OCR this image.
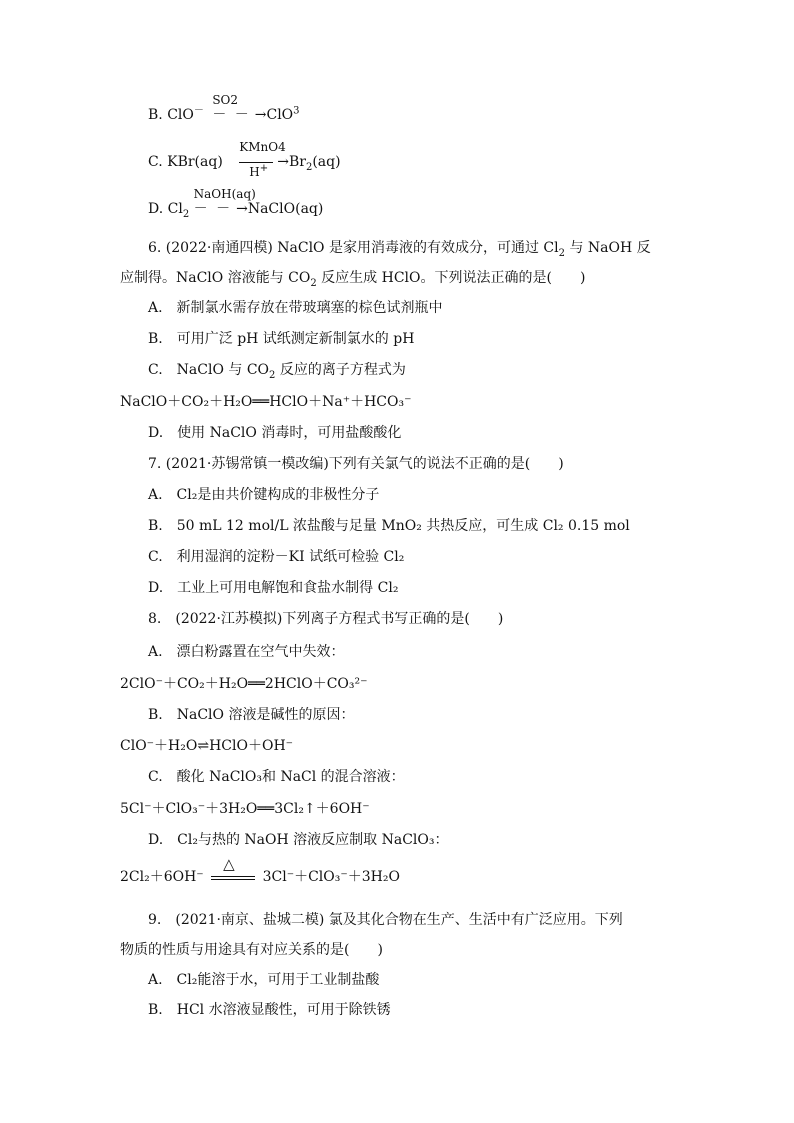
B. ClO－
SO2
－ － →ClO$^3$
C. KBr(aq)
KMnO4
$H^+ \to Br_2(aq)$
D. $Cl_2$
NaOH(aq)
－ － →NaClO(aq)
6. (2022·南通四模) NaClO 是家用消毒液的有效成分，可通过 $Cl_2$ 与 NaOH 反
应制得。NaClO 溶液能与 $CO_2$ 反应生成 HClO。下列说法正确的是(　　)
A.　新制氯水需存放在带玻璃塞的棕色试剂瓶中
B.　可用广泛 pH 试纸测定新制氯水的 pH
C.　NaClO 与 $CO_2$ 反应的离子方程式为
NaClO＋CO₂＋H₂O══HClO＋Na⁺＋HCO₃⁻
D.　使用 NaClO 消毒时，可用盐酸酸化
7. (2021·苏锡常镇一模改编)下列有关氯气的说法不正确的是(　　)
A.　Cl₂是由共价键构成的非极性分子
B.　50 mL 12 mol/L 浓盐酸与足量 MnO₂ 共热反应，可生成 Cl₂ 0.15 mol
C.　利用湿润的淀粉－KI 试纸可检验 Cl₂
D.　工业上可用电解饱和食盐水制得 Cl₂
8.　(2022·江苏模拟)下列离子方程式书写正确的是(　　)
A.　漂白粉露置在空气中失效：
2ClO⁻＋CO₂＋H₂O══2HClO＋CO₃²⁻
B.　NaClO 溶液是碱性的原因：
ClO⁻＋H₂O⇌HClO＋OH⁻
C.　酸化 NaClO₃和 NaCl 的混合溶液：
5Cl⁻＋ClO₃⁻＋3H₂O══3Cl₂↑＋6OH⁻
D.　Cl₂与热的 NaOH 溶液反应制取 NaClO₃：
2Cl₂＋6OH⁻
△
3Cl⁻＋ClO₃⁻＋3H₂O
9.　(2021·南京、盐城二模) 氯及其化合物在生产、生活中有广泛应用。下列
物质的性质与用途具有对应关系的是(　　)
A.　Cl₂能溶于水，可用于工业制盐酸
B.　HCl 水溶液显酸性，可用于除铁锈
